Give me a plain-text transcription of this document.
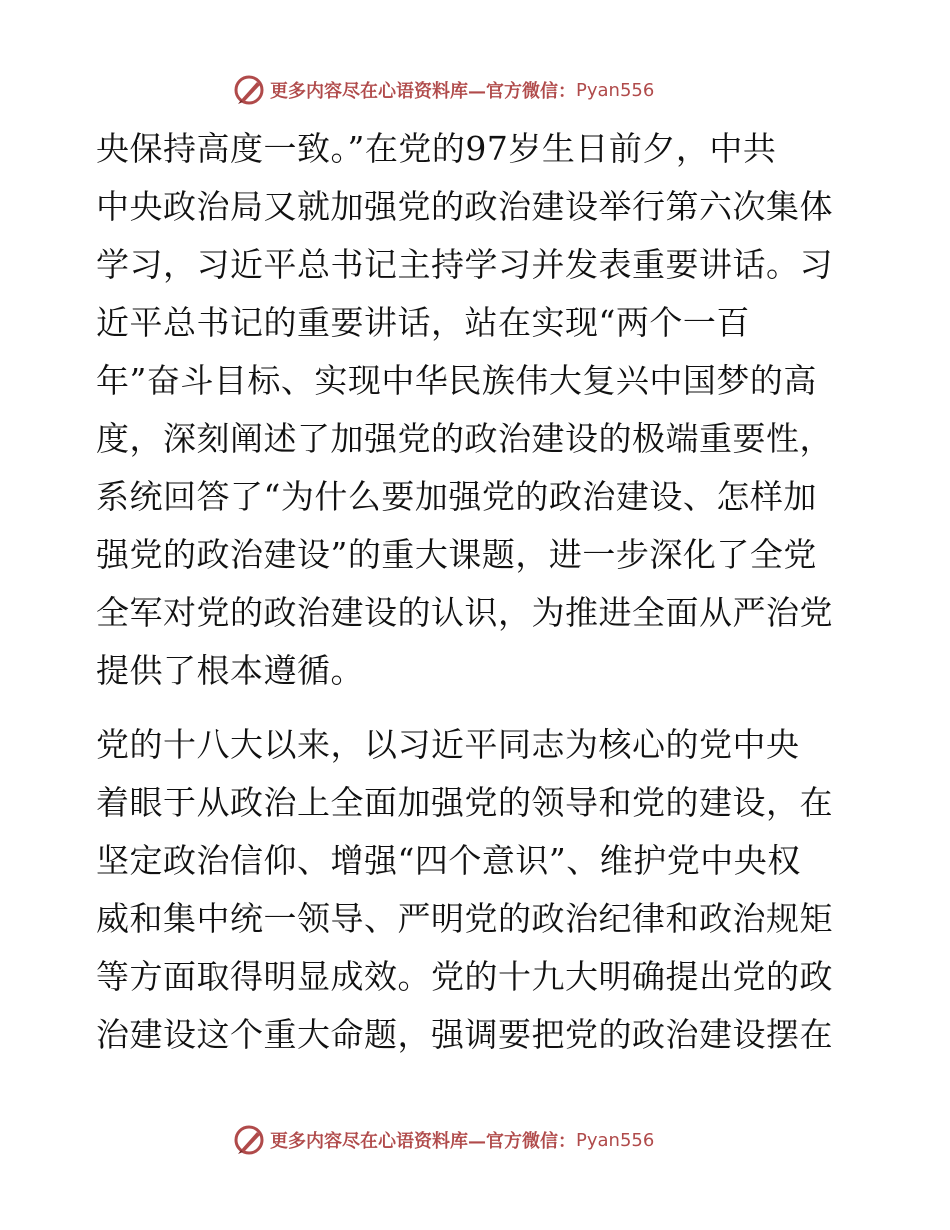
更多内容尽在心语资料库—官方微信： Pyan556
央保持高度一致。”在党的97岁生日前夕，中共
中央政治局又就加强党的政治建设举行第六次集体
学习，习近平总书记主持学习并发表重要讲话。习
近平总书记的重要讲话，站在实现“两个一百
年”奋斗目标、实现中华民族伟大复兴中国梦的高
度，深刻阐述了加强党的政治建设的极端重要性，
系统回答了“为什么要加强党的政治建设、怎样加
强党的政治建设”的重大课题，进一步深化了全党
全军对党的政治建设的认识，为推进全面从严治党
提供了根本遵循。
党的十八大以来，以习近平同志为核心的党中央
着眼于从政治上全面加强党的领导和党的建设，在
坚定政治信仰、增强“四个意识”、维护党中央权
威和集中统一领导、严明党的政治纪律和政治规矩
等方面取得明显成效。党的十九大明确提出党的政
治建设这个重大命题，强调要把党的政治建设摆在
更多内容尽在心语资料库—官方微信： Pyan556
